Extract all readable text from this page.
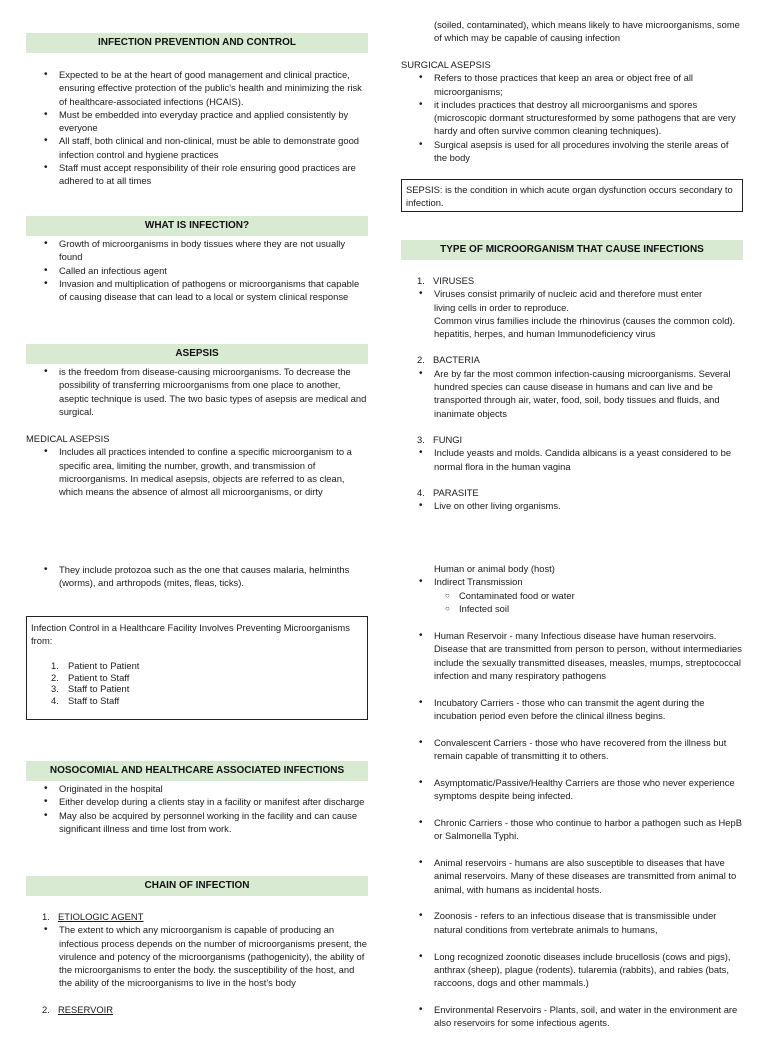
INFECTION PREVENTION AND CONTROL
• Expected to be at the heart of good management and clinical practice, ensuring effective protection of the public's health and minimizing the risk of healthcare-associated infections (HCAIS).
• Must be embedded into everyday practice and applied consistently by everyone
• All staff, both clinical and non-clinical, must be able to demonstrate good infection control and hygiene practices
• Staff must accept responsibility of their role ensuring good practices are adhered to at all times
WHAT IS INFECTION?
• Growth of microorganisms in body tissues where they are not usually found
• Called an infectious agent
• Invasion and multiplication of pathogens or microorganisms that capable of causing disease that can lead to a local or system clinical response
ASEPSIS
• is the freedom from disease-causing microorganisms. To decrease the possibility of transferring microorganisms from one place to another, aseptic technique is used. The two basic types of asepsis are medical and surgical.
MEDICAL ASEPSIS
• Includes all practices intended to confine a specific microorganism to a specific area, limiting the number, growth, and transmission of microorganisms. In medical asepsis, objects are referred to as clean, which means the absence of almost all microorganisms, or dirty
• They include protozoa such as the one that causes malaria, helminths (worms), and arthropods (mites, fleas, ticks).
Infection Control in a Healthcare Facility Involves Preventing Microorganisms from:
1. Patient to Patient
2. Patient to Staff
3. Staff to Patient
4. Staff to Staff
NOSOCOMIAL AND HEALTHCARE ASSOCIATED INFECTIONS
• Originated in the hospital
• Either develop during a clients stay in a facility or manifest after discharge
• May also be acquired by personnel working in the facility and can cause significant illness and time lost from work.
CHAIN OF INFECTION
1. ETIOLOGIC AGENT
• The extent to which any microorganism is capable of producing an infectious process depends on the number of microorganisms present, the virulence and potency of the microorganisms (pathogenicity), the ability of the microorganisms to enter the body. the susceptibility of the host, and the ability of the microorganisms to live in the host's body
2. RESERVOIR
(soiled, contaminated), which means likely to have microorganisms, some of which may be capable of causing infection
SURGICAL ASEPSIS
• Refers to those practices that keep an area or object free of all microorganisms;
• it includes practices that destroy all microorganisms and spores (microscopic dormant structuresformed by some pathogens that are very hardy and often survive common cleaning techniques).
• Surgical asepsis is used for all procedures involving the sterile areas of the body
SEPSIS: is the condition in which acute organ dysfunction occurs secondary to infection.
TYPE OF MICROORGANISM THAT CAUSE INFECTIONS
1. VIRUSES
• Viruses consist primarily of nucleic acid and therefore must enter living cells in order to reproduce.
Common virus families include the rhinovirus (causes the common cold). hepatitis, herpes, and human Immunodeficiency virus
2. BACTERIA
• Are by far the most common infection-causing microorganisms. Several hundred species can cause disease in humans and can live and be transported through air, water, food, soil, body tissues and fluids, and inanimate objects
3. FUNGI
• Include yeasts and molds. Candida albicans is a yeast considered to be normal flora in the human vagina
4. PARASITE
• Live on other living organisms.
Human or animal body (host)
• Indirect Transmission
○ Contaminated food or water
○ Infected soil
• Human Reservoir - many Infectious disease have human reservoirs. Disease that are transmitted from person to person, without intermediaries include the sexually transmitted diseases, measles, mumps, streptococcal infection and many respiratory pathogens
• Incubatory Carriers - those who can transmit the agent during the incubation period even before the clinical illness begins.
• Convalescent Carriers - those who have recovered from the illness but remain capable of transmitting it to others.
• Asymptomatic/Passive/Healthy Carriers are those who never experience symptoms despite being infected.
• Chronic Carriers - those who continue to harbor a pathogen such as HepB or Salmonella Typhi.
• Animal reservoirs - humans are also susceptible to diseases that have animal reservoirs. Many of these diseases are transmitted from animal to animal, with humans as incidental hosts.
• Zoonosis - refers to an infectious disease that is transmissible under natural conditions from vertebrate animals to humans,
• Long recognized zoonotic diseases include brucellosis (cows and pigs), anthrax (sheep), plague (rodents). tularemia (rabbits), and rabies (bats, raccoons, dogs and other mammals.)
• Environmental Reservoirs - Plants, soil, and water in the environment are also reservoirs for some infectious agents.
